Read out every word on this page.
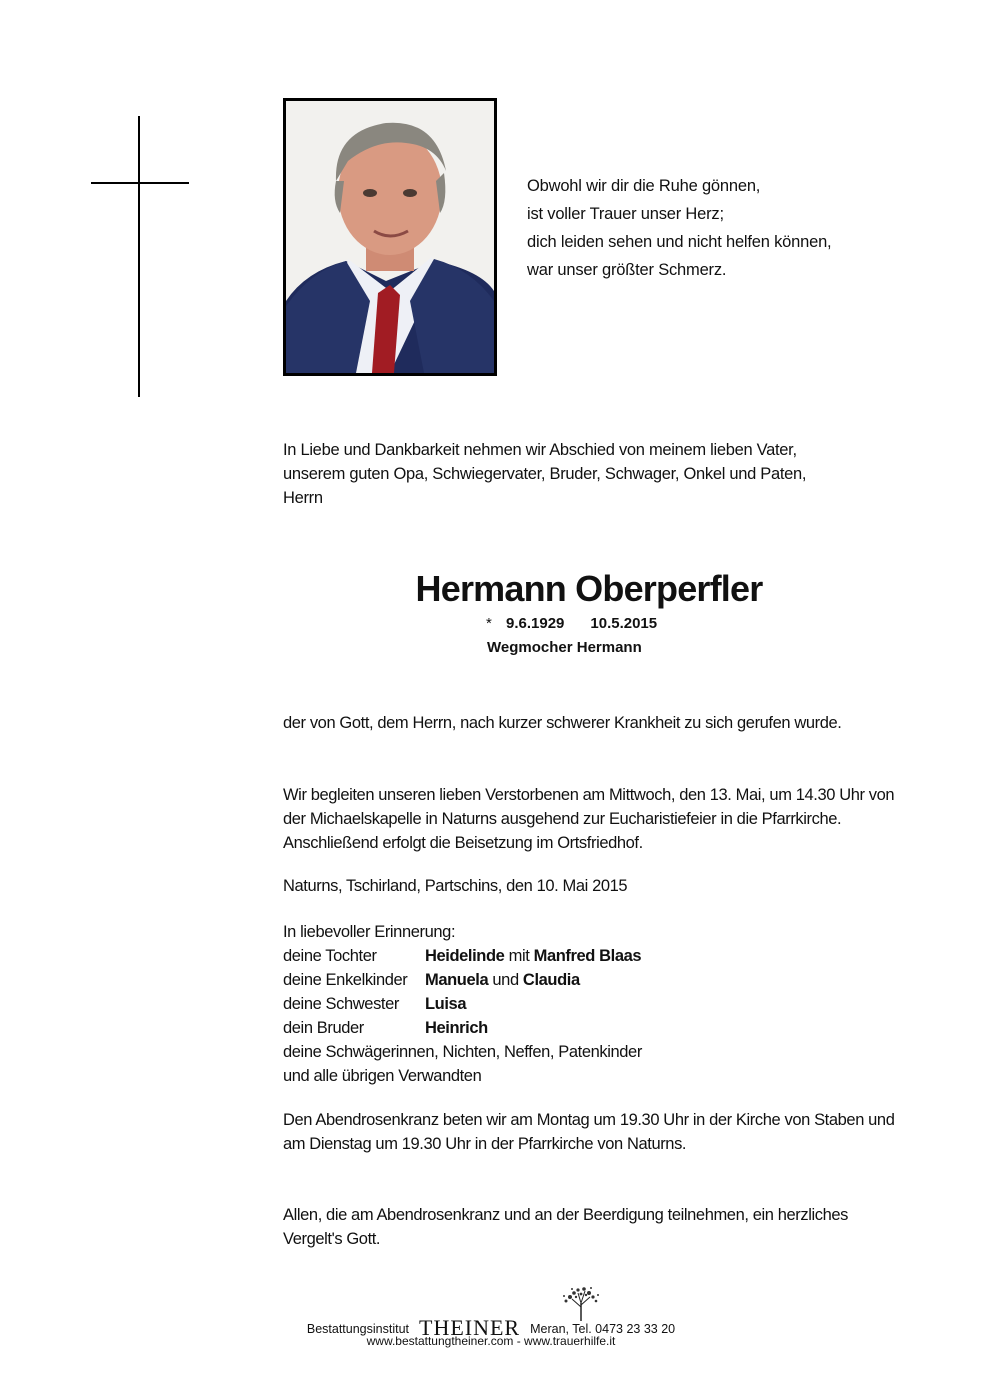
Obwohl wir dir die Ruhe gönnen,
ist voller Trauer unser Herz;
dich leiden sehen und nicht helfen können,
war unser größter Schmerz.
In Liebe und Dankbarkeit nehmen wir Abschied von meinem lieben Vater,
unserem guten Opa, Schwiegervater, Bruder, Schwager, Onkel und Paten,
Herrn
Hermann Oberperfler
* 9.6.1929 10.5.2015
Wegmocher Hermann
der von Gott, dem Herrn, nach kurzer schwerer Krankheit zu sich gerufen wurde.
Wir begleiten unseren lieben Verstorbenen am Mittwoch, den 13. Mai, um 14.30 Uhr von der Michaelskapelle in Naturns ausgehend zur Eucharistiefeier in die Pfarrkirche. Anschließend erfolgt die Beisetzung im Ortsfriedhof.
Naturns, Tschirland, Partschins, den 10. Mai 2015
In liebevoller Erinnerung:
deine Tochter	Heidelinde mit Manfred Blaas
deine Enkelkinder Manuela und Claudia
deine Schwester Luisa
dein Bruder	Heinrich
deine Schwägerinnen, Nichten, Neffen, Patenkinder
und alle übrigen Verwandten
Den Abendrosenkranz beten wir am Montag um 19.30 Uhr in der Kirche von Staben und am Dienstag um 19.30 Uhr in der Pfarrkirche von Naturns.
Allen, die am Abendrosenkranz und an der Beerdigung teilnehmen, ein herzliches Vergelt's Gott.
Bestattungsinstitut THEINER Meran, Tel. 0473 23 33 20
www.bestattungtheiner.com - www.trauerhilfe.it
